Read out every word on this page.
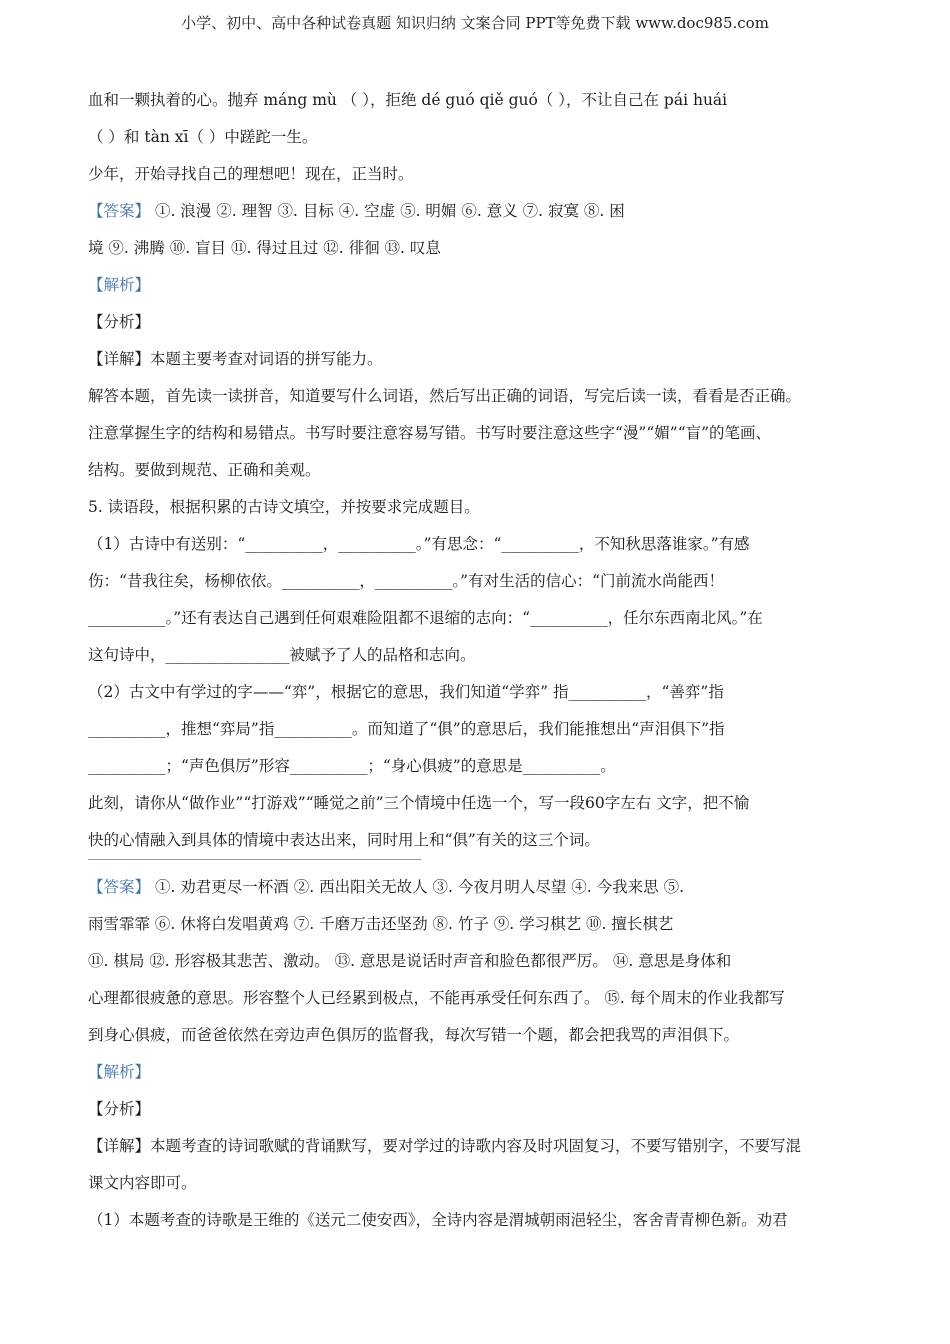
小学、初中、高中各种试卷真题 知识归纳 文案合同 PPT等免费下载 www.doc985.com
血和一颗执着的心。抛弃 máng mù （ ），拒绝 dé guó qiě guó（ ），不让自己在 pái huái
（ ）和 tàn xī（ ）中蹉跎一生。
少年，开始寻找自己的理想吧！现在，正当时。
【答案】 ①. 浪漫 ②. 理智 ③. 目标 ④. 空虚 ⑤. 明媚 ⑥. 意义 ⑦. 寂寞 ⑧. 困
境 ⑨. 沸腾 ⑩. 盲目 ⑪. 得过且过 ⑫. 徘徊 ⑬. 叹息
【解析】
【分析】
【详解】本题主要考查对词语的拼写能力。
解答本题，首先读一读拼音，知道要写什么词语，然后写出正确的词语，写完后读一读，看看是否正确。
注意掌握生字的结构和易错点。书写时要注意容易写错。书写时要注意这些字“漫”“媚”“盲”的笔画、
结构。要做到规范、正确和美观。
5. 读语段，根据积累的古诗文填空，并按要求完成题目。
（1）古诗中有送别：“__________，__________。”有思念：“__________，不知秋思落谁家。”有感
伤：“昔我往矣，杨柳依依。__________，__________。”有对生活的信心：“门前流水尚能西！
__________。”还有表达自己遇到任何艰难险阻都不退缩的志向：“__________，任尔东西南北风。”在
这句诗中，________________被赋予了人的品格和志向。
（2）古文中有学过的字——“弈”，根据它的意思，我们知道“学弈” 指__________，“善弈”指
__________，推想“弈局”指__________。而知道了“俱”的意思后，我们能推想出“声泪俱下”指
__________；“声色俱厉”形容__________；“身心俱疲”的意思是__________。
此刻，请你从“做作业”“打游戏”“睡觉之前”三个情境中任选一个，写一段60字左右 文字，把不愉
快的心情融入到具体的情境中表达出来，同时用上和“俱”有关的这三个词。
【答案】 ①. 劝君更尽一杯酒 ②. 西出阳关无故人 ③. 今夜月明人尽望 ④. 今我来思 ⑤.
雨雪霏霏 ⑥. 休将白发唱黄鸡 ⑦. 千磨万击还坚劲 ⑧. 竹子 ⑨. 学习棋艺 ⑩. 擅长棋艺
⑪. 棋局 ⑫. 形容极其悲苦、激动。 ⑬. 意思是说话时声音和脸色都很严厉。 ⑭. 意思是身体和
心理都很疲惫的意思。形容整个人已经累到极点，不能再承受任何东西了。 ⑮. 每个周末的作业我都写
到身心俱疲，而爸爸依然在旁边声色俱厉的监督我，每次写错一个题，都会把我骂的声泪俱下。
【解析】
【分析】
【详解】本题考查的诗词歌赋的背诵默写，要对学过的诗歌内容及时巩固复习，不要写错别字，不要写混
课文内容即可。
（1）本题考查的诗歌是王维的《送元二使安西》，全诗内容是渭城朝雨浥轻尘，客舍青青柳色新。劝君
